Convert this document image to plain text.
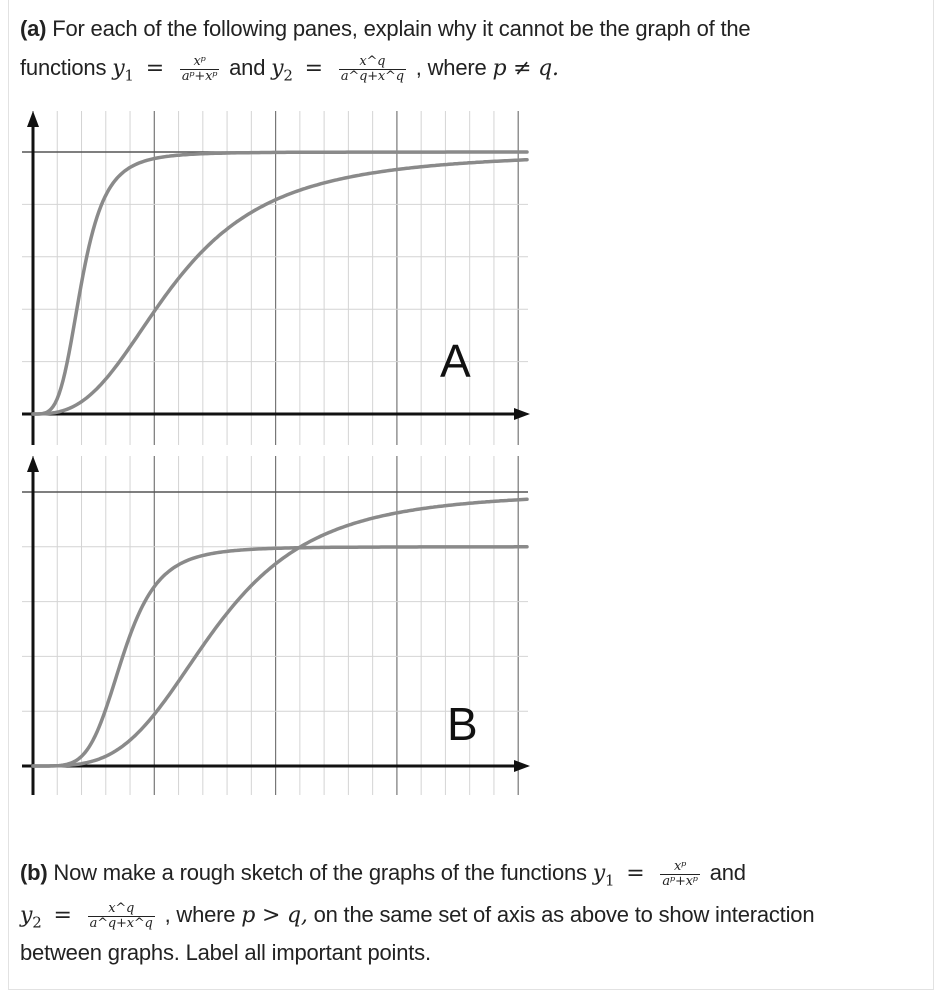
(a) For each of the following panes, explain why it cannot be the graph of the
functions $y_1 = \frac{\text{xᵖ}}{\text{aᵖ+xᵖ}}$ and $y_2 = \frac{x\^{}q}{a\^{}q+x\^{}q}$ , where p ≠ q.
A
B
(b) Now make a rough sketch of the graphs of the functions $y_1 = \frac{\text{xᵖ}}{\text{aᵖ+xᵖ}}$ and
$y_2 = \frac{x\^{}q}{a\^{}q+x\^{}q}$ , where p > q, on the same set of axis as above to show interaction
between graphs. Label all important points.
